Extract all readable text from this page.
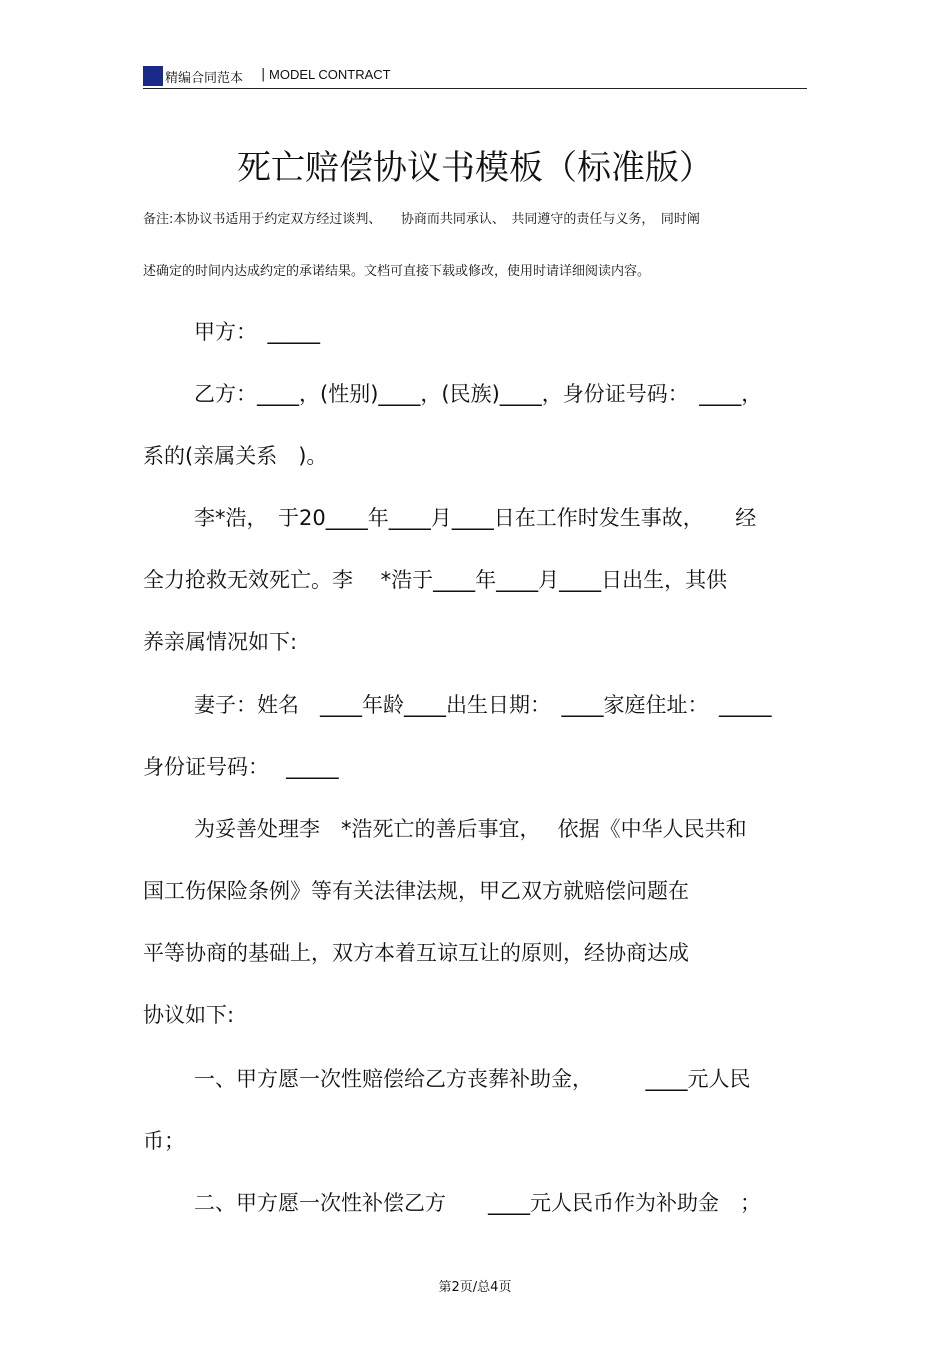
精编合同范本 | MODEL CONTRACT
死亡赔偿协议书模板（标准版）
备注:本协议书适用于约定双方经过谈判、　　协商而共同承认、　共同遵守的责任与义务，　同时阐
述确定的时间内达成约定的承诺结果。文档可直接下载或修改，使用时请详细阅读内容。
甲方：　_____
乙方：____，(性别)____，(民族)____，身份证号码：　____，
系的(亲属关系　)。
李*浩，　于20____年____月____日在工作时发生事故，　　经
全力抢救无效死亡。李　 *浩于____年____月____日出生，其供
养亲属情况如下:
妻子：姓名　____年龄____出生日期：　____家庭住址：　_____
身份证号码：　 _____
为妥善处理李　*浩死亡的善后事宜，　 依据《中华人民共和
国工伤保险条例》等有关法律法规，甲乙双方就赔偿问题在
平等协商的基础上，双方本着互谅互让的原则，经协商达成
协议如下:
一、甲方愿一次性赔偿给乙方丧葬补助金，　　　____元人民
币；
二、甲方愿一次性补偿乙方　　____元人民币作为补助金　；
第2页/总4页
